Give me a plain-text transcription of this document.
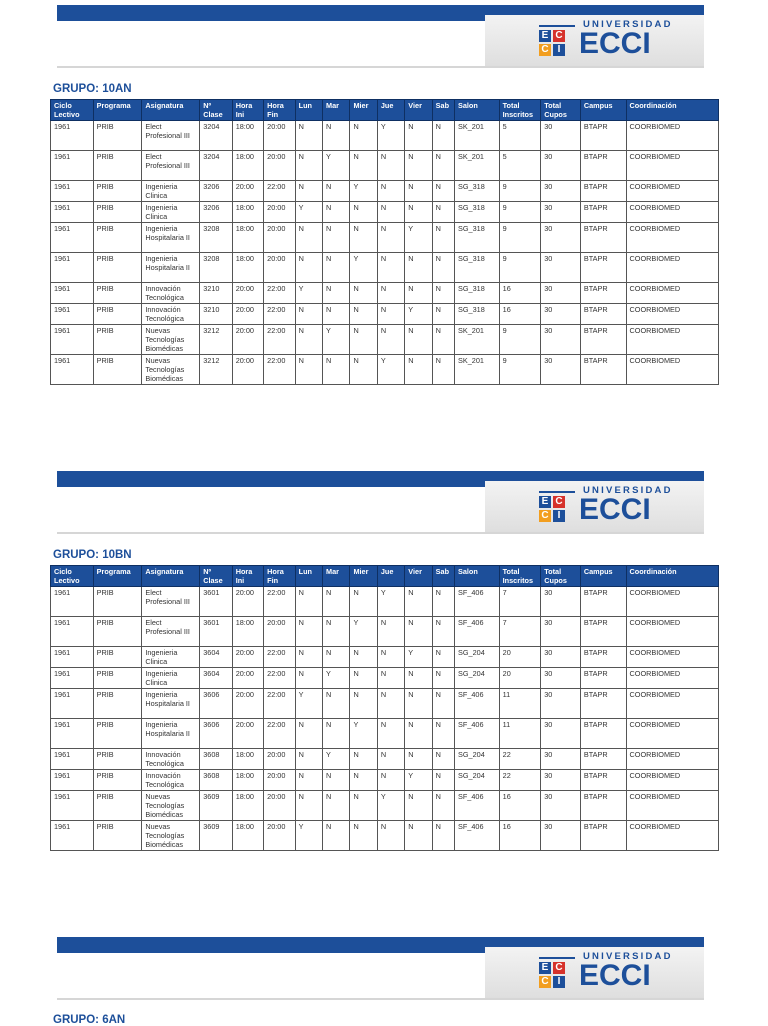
E C
C I
UNIVERSIDAD
ECCI
GRUPO: 10AN
Ciclo Lectivo	Programa	Asignatura	Nº Clase	Hora Ini	Hora Fin	Lun	Mar	Mier	Jue	Vier	Sab	Salon	Total Inscritos	Total Cupos	Campus	Coordinación
1961	PRIB	Elect Profesional III	3204	18:00	20:00	N	N	N	Y	N	N	SK_201	5	30	BTAPR	COORBIOMED
1961	PRIB	Elect Profesional III	3204	18:00	20:00	N	Y	N	N	N	N	SK_201	5	30	BTAPR	COORBIOMED
1961	PRIB	Ingenieria Clinica	3206	20:00	22:00	N	N	Y	N	N	N	SG_318	9	30	BTAPR	COORBIOMED
1961	PRIB	Ingenieria Clinica	3206	18:00	20:00	Y	N	N	N	N	N	SG_318	9	30	BTAPR	COORBIOMED
1961	PRIB	Ingenieria Hospitalaria II	3208	18:00	20:00	N	N	N	N	Y	N	SG_318	9	30	BTAPR	COORBIOMED
1961	PRIB	Ingenieria Hospitalaria II	3208	18:00	20:00	N	N	Y	N	N	N	SG_318	9	30	BTAPR	COORBIOMED
1961	PRIB	Innovación Tecnológica	3210	20:00	22:00	Y	N	N	N	N	N	SG_318	16	30	BTAPR	COORBIOMED
1961	PRIB	Innovación Tecnológica	3210	20:00	22:00	N	N	N	N	Y	N	SG_318	16	30	BTAPR	COORBIOMED
1961	PRIB	Nuevas Tecnologías Biomédicas	3212	20:00	22:00	N	Y	N	N	N	N	SK_201	9	30	BTAPR	COORBIOMED
1961	PRIB	Nuevas Tecnologías Biomédicas	3212	20:00	22:00	N	N	N	Y	N	N	SK_201	9	30	BTAPR	COORBIOMED
E C
C I
UNIVERSIDAD
ECCI
GRUPO: 10BN
Ciclo Lectivo	Programa	Asignatura	Nº Clase	Hora Ini	Hora Fin	Lun	Mar	Mier	Jue	Vier	Sab	Salon	Total Inscritos	Total Cupos	Campus	Coordinación
1961	PRIB	Elect Profesional III	3601	20:00	22:00	N	N	N	Y	N	N	SF_406	7	30	BTAPR	COORBIOMED
1961	PRIB	Elect Profesional III	3601	18:00	20:00	N	N	Y	N	N	N	SF_406	7	30	BTAPR	COORBIOMED
1961	PRIB	Ingenieria Clinica	3604	20:00	22:00	N	N	N	N	Y	N	SG_204	20	30	BTAPR	COORBIOMED
1961	PRIB	Ingenieria Clinica	3604	20:00	22:00	N	Y	N	N	N	N	SG_204	20	30	BTAPR	COORBIOMED
1961	PRIB	Ingenieria Hospitalaria II	3606	20:00	22:00	Y	N	N	N	N	N	SF_406	11	30	BTAPR	COORBIOMED
1961	PRIB	Ingenieria Hospitalaria II	3606	20:00	22:00	N	N	Y	N	N	N	SF_406	11	30	BTAPR	COORBIOMED
1961	PRIB	Innovación Tecnológica	3608	18:00	20:00	N	Y	N	N	N	N	SG_204	22	30	BTAPR	COORBIOMED
1961	PRIB	Innovación Tecnológica	3608	18:00	20:00	N	N	N	N	Y	N	SG_204	22	30	BTAPR	COORBIOMED
1961	PRIB	Nuevas Tecnologías Biomédicas	3609	18:00	20:00	N	N	N	Y	N	N	SF_406	16	30	BTAPR	COORBIOMED
1961	PRIB	Nuevas Tecnologías Biomédicas	3609	18:00	20:00	Y	N	N	N	N	N	SF_406	16	30	BTAPR	COORBIOMED
E C
C I
UNIVERSIDAD
ECCI
GRUPO: 6AN
